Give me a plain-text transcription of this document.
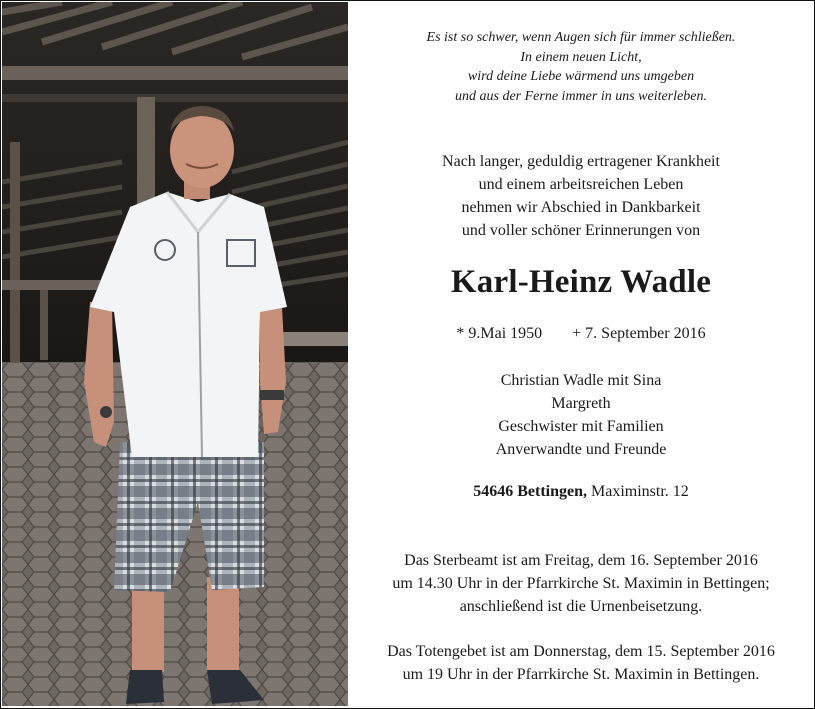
Es ist so schwer, wenn Augen sich für immer schließen.
In einem neuen Licht,
wird deine Liebe wärmend uns umgeben
und aus der Ferne immer in uns weiterleben.
Nach langer, geduldig ertragener Krankheit
und einem arbeitsreichen Leben
nehmen wir Abschied in Dankbarkeit
und voller schöner Erinnerungen von
Karl-Heinz Wadle
* 9.Mai 1950 + 7. September 2016
Christian Wadle mit Sina
Margreth
Geschwister mit Familien
Anverwandte und Freunde
54646 Bettingen, Maximinstr. 12
Das Sterbeamt ist am Freitag, dem 16. September 2016
um 14.30 Uhr in der Pfarrkirche St. Maximin in Bettingen;
anschließend ist die Urnenbeisetzung.
Das Totengebet ist am Donnerstag, dem 15. September 2016
um 19 Uhr in der Pfarrkirche St. Maximin in Bettingen.
